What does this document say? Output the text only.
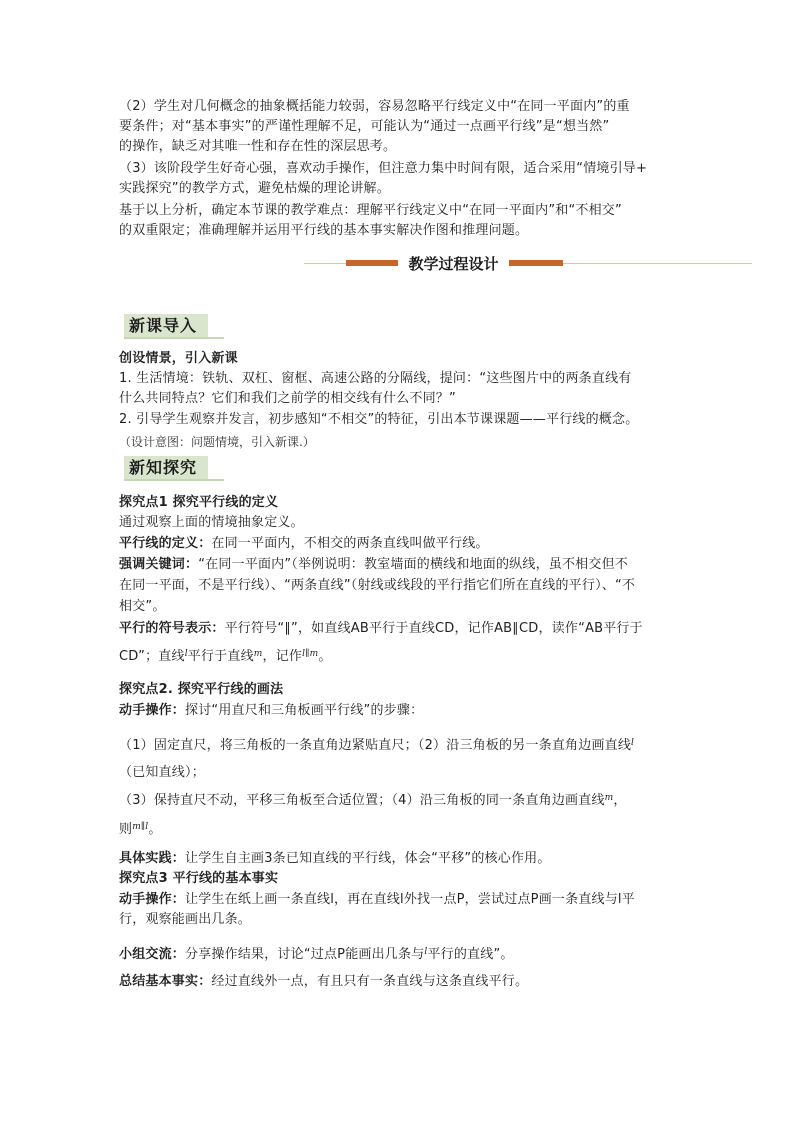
（2）学生对几何概念的抽象概括能力较弱，容易忽略平行线定义中“在同一平面内”的重
要条件；对“基本事实”的严谨性理解不足，可能认为“通过一点画平行线”是“想当然”
的操作，缺乏对其唯一性和存在性的深层思考。
（3）该阶段学生好奇心强，喜欢动手操作，但注意力集中时间有限，适合采用“情境引导+
实践探究”的教学方式，避免枯燥的理论讲解。
基于以上分析，确定本节课的教学难点：理解平行线定义中“在同一平面内”和“不相交”
的双重限定；准确理解并运用平行线的基本事实解决作图和推理问题。
教学过程设计
新课导入
创设情景，引入新课
1. 生活情境：铁轨、双杠、窗框、高速公路的分隔线，提问：“这些图片中的两条直线有
什么共同特点？它们和我们之前学的相交线有什么不同？”
2. 引导学生观察并发言，初步感知“不相交”的特征，引出本节课课题——平行线的概念。
（设计意图：问题情境，引入新课.）
新知探究
探究点1 探究平行线的定义
通过观察上面的情境抽象定义。
平行线的定义：在同一平面内，不相交的两条直线叫做平行线。
强调关键词：“在同一平面内”（举例说明：教室墙面的横线和地面的纵线，虽不相交但不
在同一平面，不是平行线）、“两条直线”（射线或线段的平行指它们所在直线的平行）、“不
相交”。
平行的符号表示：平行符号“∥”，如直线AB平行于直线CD，记作AB∥CD，读作“AB平行于
CD”；直线$^l$平行于直线$^m$，记作$^{l\parallel m}$。
探究点2. 探究平行线的画法
动手操作：探讨“用直尺和三角板画平行线”的步骤：
（1）固定直尺，将三角板的一条直角边紧贴直尺；（2）沿三角板的另一条直角边画直线$^l$
（已知直线）；
（3）保持直尺不动，平移三角板至合适位置；（4）沿三角板的同一条直角边画直线$^m$，
则$^{m\parallel l}$。
具体实践：让学生自主画3条已知直线的平行线，体会“平移”的核心作用。
探究点3 平行线的基本事实
动手操作：让学生在纸上画一条直线l，再在直线l外找一点P，尝试过点P画一条直线与l平
行，观察能画出几条。
小组交流：分享操作结果，讨论“过点P能画出几条与$^l$平行的直线”。
总结基本事实：经过直线外一点，有且只有一条直线与这条直线平行。
